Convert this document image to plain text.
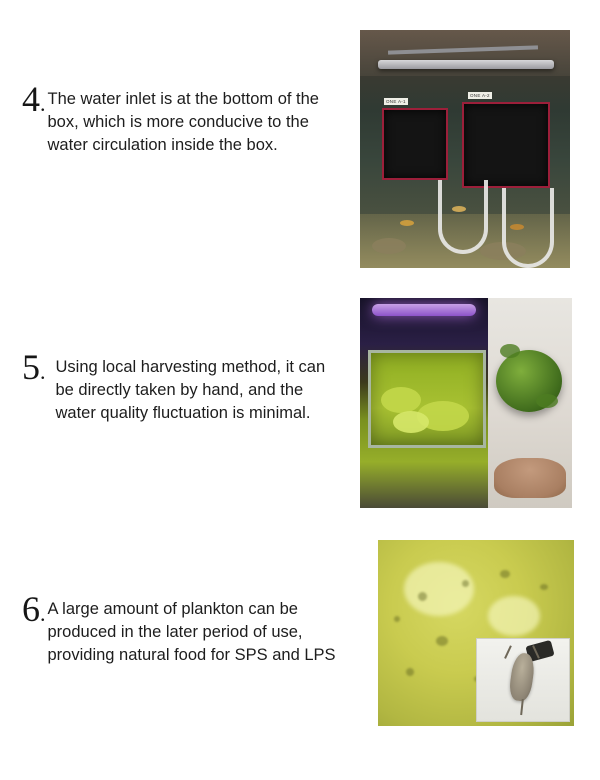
4. The water inlet is at the bottom of the box, which is more conducive to the water circulation inside the box.
ONE A-1
ONE A-2
5. Using local harvesting method, it can be directly taken by hand, and the water quality fluctuation is minimal.
6. A large amount of plankton can be produced in the later period of use, providing natural food for SPS and LPS
